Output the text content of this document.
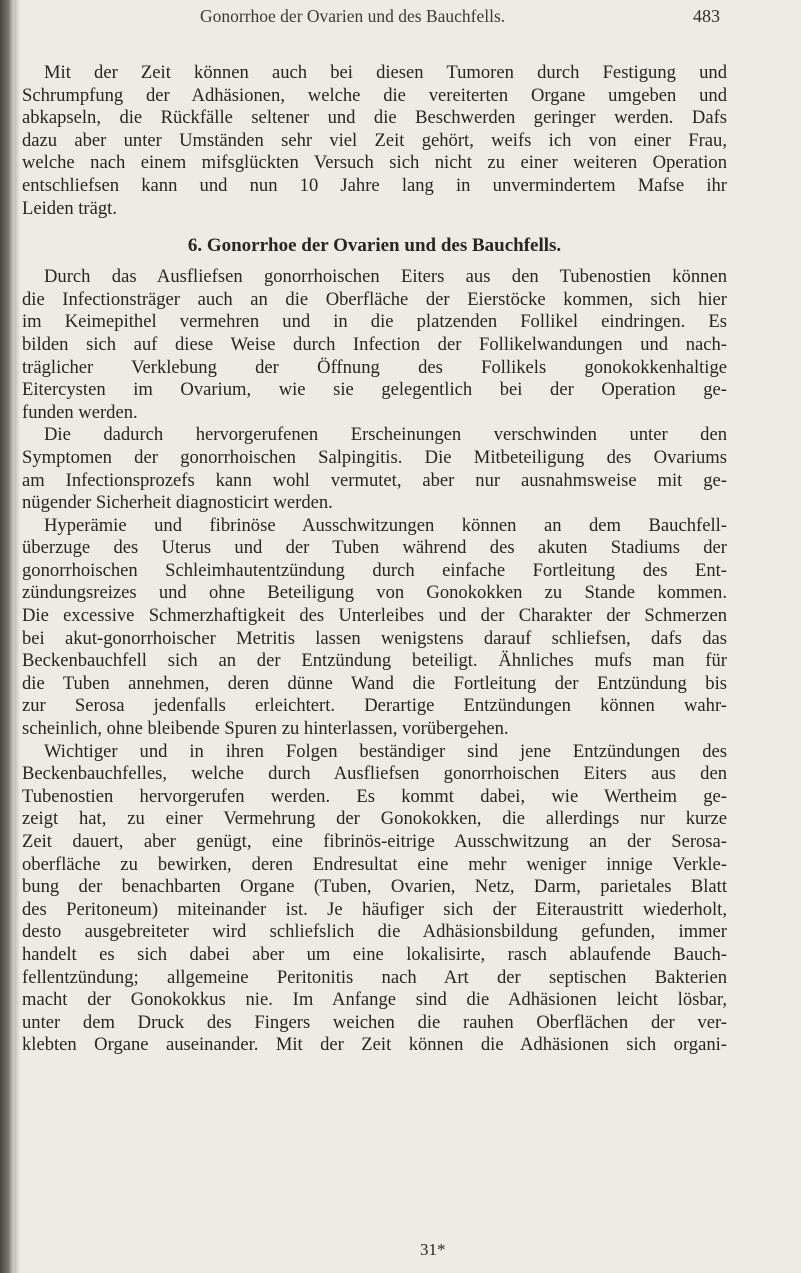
Gonorrhoe der Ovarien und des Bauchfells.	483
Mit der Zeit können auch bei diesen Tumoren durch Festigung und
Schrumpfung der Adhäsionen, welche die vereiterten Organe umgeben und
abkapseln, die Rückfälle seltener und die Beschwerden geringer werden. Dafs
dazu aber unter Umständen sehr viel Zeit gehört, weifs ich von einer Frau,
welche nach einem mifsglückten Versuch sich nicht zu einer weiteren Operation
entschliefsen kann und nun 10 Jahre lang in unvermindertem Mafse ihr
Leiden trägt.
6. Gonorrhoe der Ovarien und des Bauchfells.
Durch das Ausfliefsen gonorrhoischen Eiters aus den Tubenostien können
die Infectionsträger auch an die Oberfläche der Eierstöcke kommen, sich hier
im Keimepithel vermehren und in die platzenden Follikel eindringen. Es
bilden sich auf diese Weise durch Infection der Follikelwandungen und nach-
träglicher Verklebung der Öffnung des Follikels gonokokkenhaltige
Eitercysten im Ovarium, wie sie gelegentlich bei der Operation ge-
funden werden.
Die dadurch hervorgerufenen Erscheinungen verschwinden unter den
Symptomen der gonorrhoischen Salpingitis. Die Mitbeteiligung des Ovariums
am Infectionsprozefs kann wohl vermutet, aber nur ausnahmsweise mit ge-
nügender Sicherheit diagnosticirt werden.
Hyperämie und fibrinöse Ausschwitzungen können an dem Bauchfell-
überzuge des Uterus und der Tuben während des akuten Stadiums der
gonorrhoischen Schleimhautentzündung durch einfache Fortleitung des Ent-
zündungsreizes und ohne Beteiligung von Gonokokken zu Stande kommen.
Die excessive Schmerzhaftigkeit des Unterleibes und der Charakter der Schmerzen
bei akut-gonorrhoischer Metritis lassen wenigstens darauf schliefsen, dafs das
Beckenbauchfell sich an der Entzündung beteiligt. Ähnliches mufs man für
die Tuben annehmen, deren dünne Wand die Fortleitung der Entzündung bis
zur Serosa jedenfalls erleichtert. Derartige Entzündungen können wahr-
scheinlich, ohne bleibende Spuren zu hinterlassen, vorübergehen.
Wichtiger und in ihren Folgen beständiger sind jene Entzündungen des
Beckenbauchfelles, welche durch Ausfliefsen gonorrhoischen Eiters aus den
Tubenostien hervorgerufen werden. Es kommt dabei, wie Wertheim ge-
zeigt hat, zu einer Vermehrung der Gonokokken, die allerdings nur kurze
Zeit dauert, aber genügt, eine fibrinös-eitrige Ausschwitzung an der Serosa-
oberfläche zu bewirken, deren Endresultat eine mehr weniger innige Verkle-
bung der benachbarten Organe (Tuben, Ovarien, Netz, Darm, parietales Blatt
des Peritoneum) miteinander ist. Je häufiger sich der Eiteraustritt wiederholt,
desto ausgebreiteter wird schliefslich die Adhäsionsbildung gefunden, immer
handelt es sich dabei aber um eine lokalisirte, rasch ablaufende Bauch-
fellentzündung; allgemeine Peritonitis nach Art der septischen Bakterien
macht der Gonokokkus nie. Im Anfange sind die Adhäsionen leicht lösbar,
unter dem Druck des Fingers weichen die rauhen Oberflächen der ver-
klebten Organe auseinander. Mit der Zeit können die Adhäsionen sich organi-
31*
